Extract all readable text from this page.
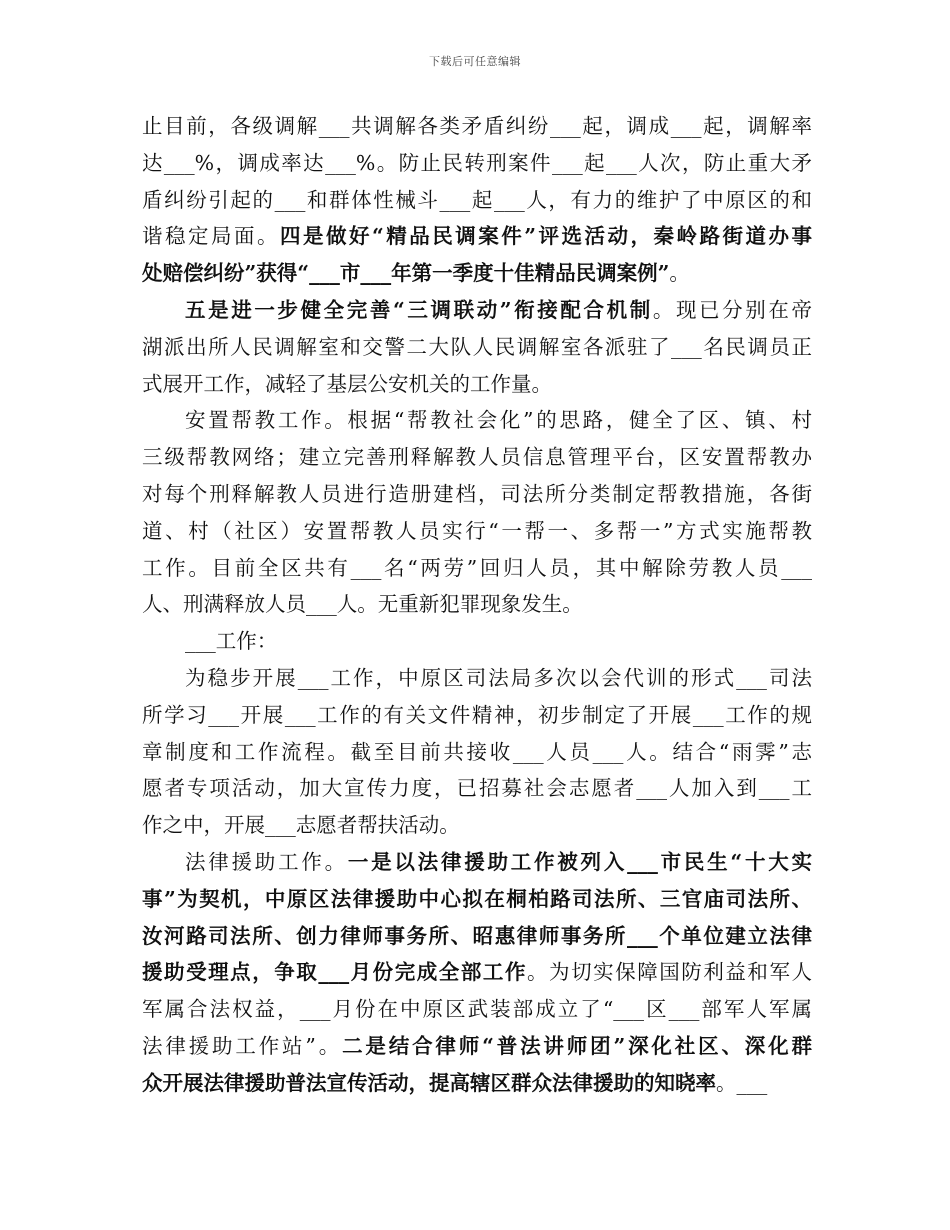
下载后可任意编辑
止目前，各级调解___共调解各类矛盾纠纷___起，调成___起，调解率
达___%，调成率达___%。防止民转刑案件___起___人次，防止重大矛
盾纠纷引起的___和群体性械斗___起___人，有力的维护了中原区的和
谐稳定局面。四是做好“精品民调案件”评选活动，秦岭路街道办事
处赔偿纠纷”获得“___市___年第一季度十佳精品民调案例”。
五是进一步健全完善“三调联动”衔接配合机制。现已分别在帝
湖派出所人民调解室和交警二大队人民调解室各派驻了___名民调员正
式展开工作，减轻了基层公安机关的工作量。
安置帮教工作。根据“帮教社会化”的思路，健全了区、镇、村
三级帮教网络；建立完善刑释解教人员信息管理平台，区安置帮教办
对每个刑释解教人员进行造册建档，司法所分类制定帮教措施，各街
道、村（社区）安置帮教人员实行“一帮一、多帮一”方式实施帮教
工作。目前全区共有___名“两劳”回归人员，其中解除劳教人员___
人、刑满释放人员___人。无重新犯罪现象发生。
___工作：
为稳步开展___工作，中原区司法局多次以会代训的形式___司法
所学习___开展___工作的有关文件精神，初步制定了开展___工作的规
章制度和工作流程。截至目前共接收___人员___人。结合“雨霁”志
愿者专项活动，加大宣传力度，已招募社会志愿者___人加入到___工
作之中，开展___志愿者帮扶活动。
法律援助工作。一是以法律援助工作被列入___市民生“十大实
事”为契机，中原区法律援助中心拟在桐柏路司法所、三官庙司法所、
汝河路司法所、创力律师事务所、昭惠律师事务所___个单位建立法律
援助受理点，争取___月份完成全部工作。为切实保障国防利益和军人
军属合法权益，___月份在中原区武装部成立了“___区___部军人军属
法律援助工作站”。二是结合律师“普法讲师团”深化社区、深化群
众开展法律援助普法宣传活动，提高辖区群众法律援助的知晓率。___
